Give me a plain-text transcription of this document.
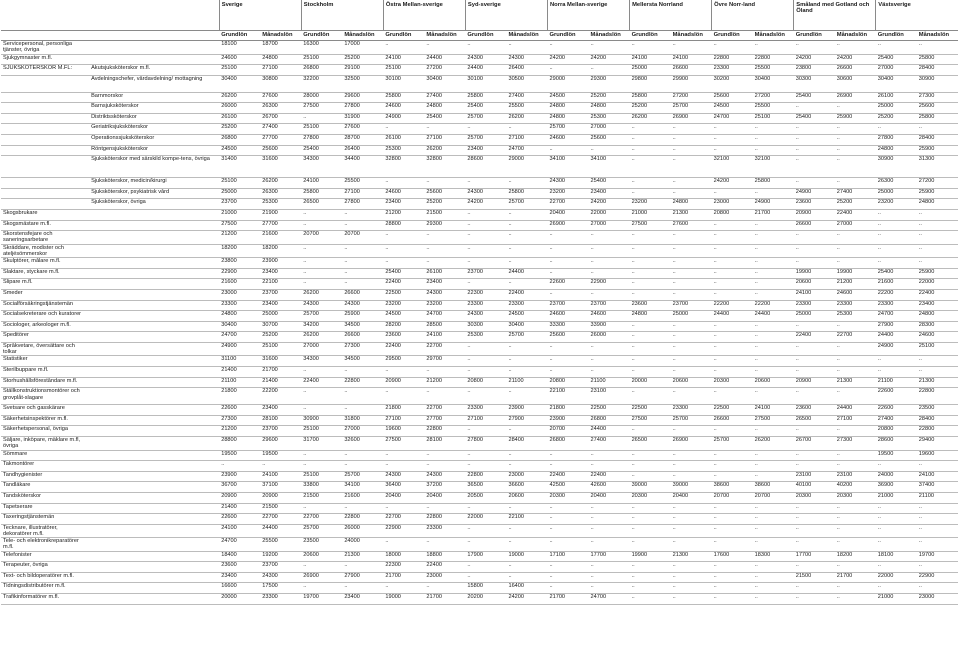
		Sverige		Stockholm		Östra Mellan-sverige		Syd-sverige		Norra Mellan-sverige		Mellersta Norrland		Övre Norr-land		Småland med Gotland och Öland		Västsverige	
		Grundlön	Månadslön	Grundlön	Månadslön	Grundlön	Månadslön	Grundlön	Månadslön	Grundlön	Månadslön	Grundlön	Månadslön	Grundlön	Månadslön	Grundlön	Månadslön	Grundlön	Månadslön
Servicepersonal, personliga tjänster, övriga		18100	18700	16300	17000	..	..	..	..	..	..	..	..	..	..	..	..	..	..
Sjukgymnaster m.fl.		24600	24800	25100	25200	24100	24400	24300	24300	24200	24200	24100	24100	22800	22800	24200	24200	25400	25800
SJUKSKÖTERSKOR M.FL:	Akutsjuksköterskor m.fl.	25100	27100	26800	29100	25100	27200	24400	26400	..	..	25000	26600	23300	25500	23800	26600	27000	28400
	Avdelningschefer, vårdavdelning/ mottagning	30400	30800	32200	32500	30100	30400	30100	30500	29000	29300	29800	29900	30200	30400	30300	30600	30400	30900
	Barnmorskor	26200	27600	28000	29600	25800	27400	25800	27400	24500	25200	25800	27200	25600	27200	25400	26900	26100	27300
	Barnsjuksköterskor	26000	26300	27500	27800	24600	24800	25400	25500	24800	24800	25200	25700	24500	25500	..	..	25000	25600
	Distriktssköterskor	26100	26700	..	31900	24900	25400	25700	26200	24800	25300	26200	26900	24700	25100	25400	25900	25200	25800
	Geriatriksjuksköterskor	25200	27400	25100	27600	..	..	..	..	25700	27000	..	..	..	..	..	..	..	..
	Operationssjuksköterskor	26800	27700	27800	28700	26100	27100	25700	27100	24600	25600	..	..	..	..	..	..	27800	28400
	Röntgensjuksköterskor	24500	25600	25400	26400	25300	26200	23400	24700	..	..	..	..	..	..	..	..	24800	25900
	Sjuksköterskor med särskild kompe-tens, övriga	31400	31600	34300	34400	32800	32800	28600	29000	34100	34100	..	..	32100	32100	..	..	30900	31300
	Sjuksköterskor, medicin/kirurgi	25100	26200	24100	25500	..	..	..	..	24300	25400	..	..	24200	25800	..	..	26300	27200
	Sjuksköterskor, psykiatrisk vård	25000	26300	25800	27100	24600	25600	24300	25800	23200	23400	..	..	..	..	24900	27400	25000	25900
	Sjuksköterskor, övriga	23700	25300	26500	27800	23400	25200	24200	25700	22700	24200	23200	24800	23000	24900	23600	25200	23200	24800
Skogsbrukare		21000	21900	..	..	21200	21500	..	..	20400	22000	21000	21300	20800	21700	20900	22400	..	..
Skogsmästare m.fl.		27500	27700	..	..	28800	29300	..	..	26900	27000	27500	27600	..	..	26600	27000	..	..
Skorstensfejare och saneringsarbetare		21200	21600	20700	20700	..	..	..	..	..	..	..	..	..	..	..	..	..	..
Skräddare, modister och ateljésömmerskor		18200	18200	..	..	..	..	..	..	..	..	..	..	..	..	..	..	..	..
Skulptörer, målare m.fl.		23800	23900	..	..	..	..	..	..	..	..	..	..	..	..	..	..	..	..
Slaktare, styckare m.fl.		22900	23400	..	..	25400	26100	23700	24400	..	..	..	..	..	..	19900	19900	25400	25900
Slipare m.fl.		21600	22100	..	..	22400	23400	..	..	22600	22900	..	..	..	..	20600	21200	21600	22000
Smeder		23000	23700	26200	26600	22500	24300	22300	22400	..	..	..	..	..	..	24100	24600	22200	22400
Socialförsäkringstjänstemän		23300	23400	24300	24300	23200	23200	23300	23300	23700	23700	23600	23700	22200	22200	23300	23300	23300	23400
Socialsekreterare och kuratorer		24800	25000	25700	25900	24500	24700	24300	24500	24600	24600	24800	25000	24400	24400	25000	25300	24700	24800
Sociologer, arkeologer m.fl.		30400	30700	34200	34500	28200	28500	30300	30400	33300	33900	..	..	..	..	..	..	27900	28300
Speditörer		24700	25200	26200	26600	23600	24100	25300	25700	25600	26000	..	..	..	..	22400	22700	24400	24600
Språkvetare, översättare och tolkar		24900	25100	27000	27300	22400	22700	..	..	..	..	..	..	..	..	..	..	24900	25100
Statistiker		31100	31600	34300	34500	29500	29700	..	..	..	..	..	..	..	..	..	..	..	..
Sterilbuppare m.fl.		21400	21700	..	..	..	..	..	..	..	..	..	..	..	..	..	..	..	..
Storhushållsföreståndare m.fl.		21100	21400	22400	22800	20900	21200	20800	21100	20800	21100	20000	20600	20300	20600	20900	21300	21100	21300
Ställkonstruktionsmontörer och grovplåt-slagare		21800	22200	..	..	..	..	..	..	22100	23100	..	..	..	..	..	..	22600	22800
Svetsare och gasskärare		22600	23400	..	..	21800	22700	23300	23900	21800	22500	22500	23300	22500	24100	23600	24400	22600	23500
Säkerhetsinspektörer m.fl.		27300	28100	30900	31800	27100	27700	27100	27900	23900	26800	27500	25700	26600	27500	26500	27100	27400	28400
Säkerhetspersonal, övriga		21200	23700	25100	27000	19600	22800	..	..	20700	24400	..	..	..	..	..	..	20800	22800
Säljare, inköpare, mäklare m.fl, övriga		28800	29600	31700	32600	27500	28100	27800	28400	26800	27400	26500	26900	25700	26200	26700	27300	28600	29400
Sömmare		19500	19500	..	..	..	..	..	..	..	..	..	..	..	..	..	..	19500	19600
Takmontörer		..	..	..	..	..	..	..	..	..	..	..	..	..	..	..	..	..	..
Tandhygienister		23900	24100	25100	25700	24300	24300	22800	23000	22400	22400	..	..	..	..	23100	23100	24000	24100
Tandläkare		36700	37100	33800	34100	36400	37200	36500	36600	42500	42600	39000	39000	38600	38600	40100	40200	36900	37400
Tandsköterskor		20900	20900	21500	21600	20400	20400	20500	20600	20300	20400	20300	20400	20700	20700	20300	20300	21000	21100
Tapetserare		21400	21500	..	..	..	..	..	..	..	..	..	..	..	..	..	..	..	..
Taxeringstjänstemän		22600	22700	22700	22800	22700	22800	22000	22100	..	..	..	..	..	..	..	..	..	..
Tecknare, illustratörer, dekoratörer m.fl.		24100	24400	25700	26000	22900	23300	..	..	..	..	..	..	..	..	..	..	..	..
Tele- och elektronikreparatörer m.fl.		24700	25500	23500	24000	..	..	..	..	..	..	..	..	..	..	..	..	..	..
Telefonister		18400	19200	20600	21300	18000	18800	17900	19000	17100	17700	19900	21300	17600	18300	17700	18200	18100	19700
Terapeuter, övriga		23600	23700	..	..	22300	22400	..	..	..	..	..	..	..	..	..	..	..	..
Text- och bildoperatörer m.fl.		23400	24300	26900	27900	21700	23000	..	..	..	..	..	..	..	..	21500	21700	22000	22900
Tidningsdistributörer m.fl.		16600	17500	..	..	..	..	15800	16400	..	..	..	..	..	..	..	..	..	..
Trafikinformatörer m.fl.		20000	23300	19700	23400	19000	21700	20200	24200	21700	24700	..	..	..	..	..	..	21000	23000
